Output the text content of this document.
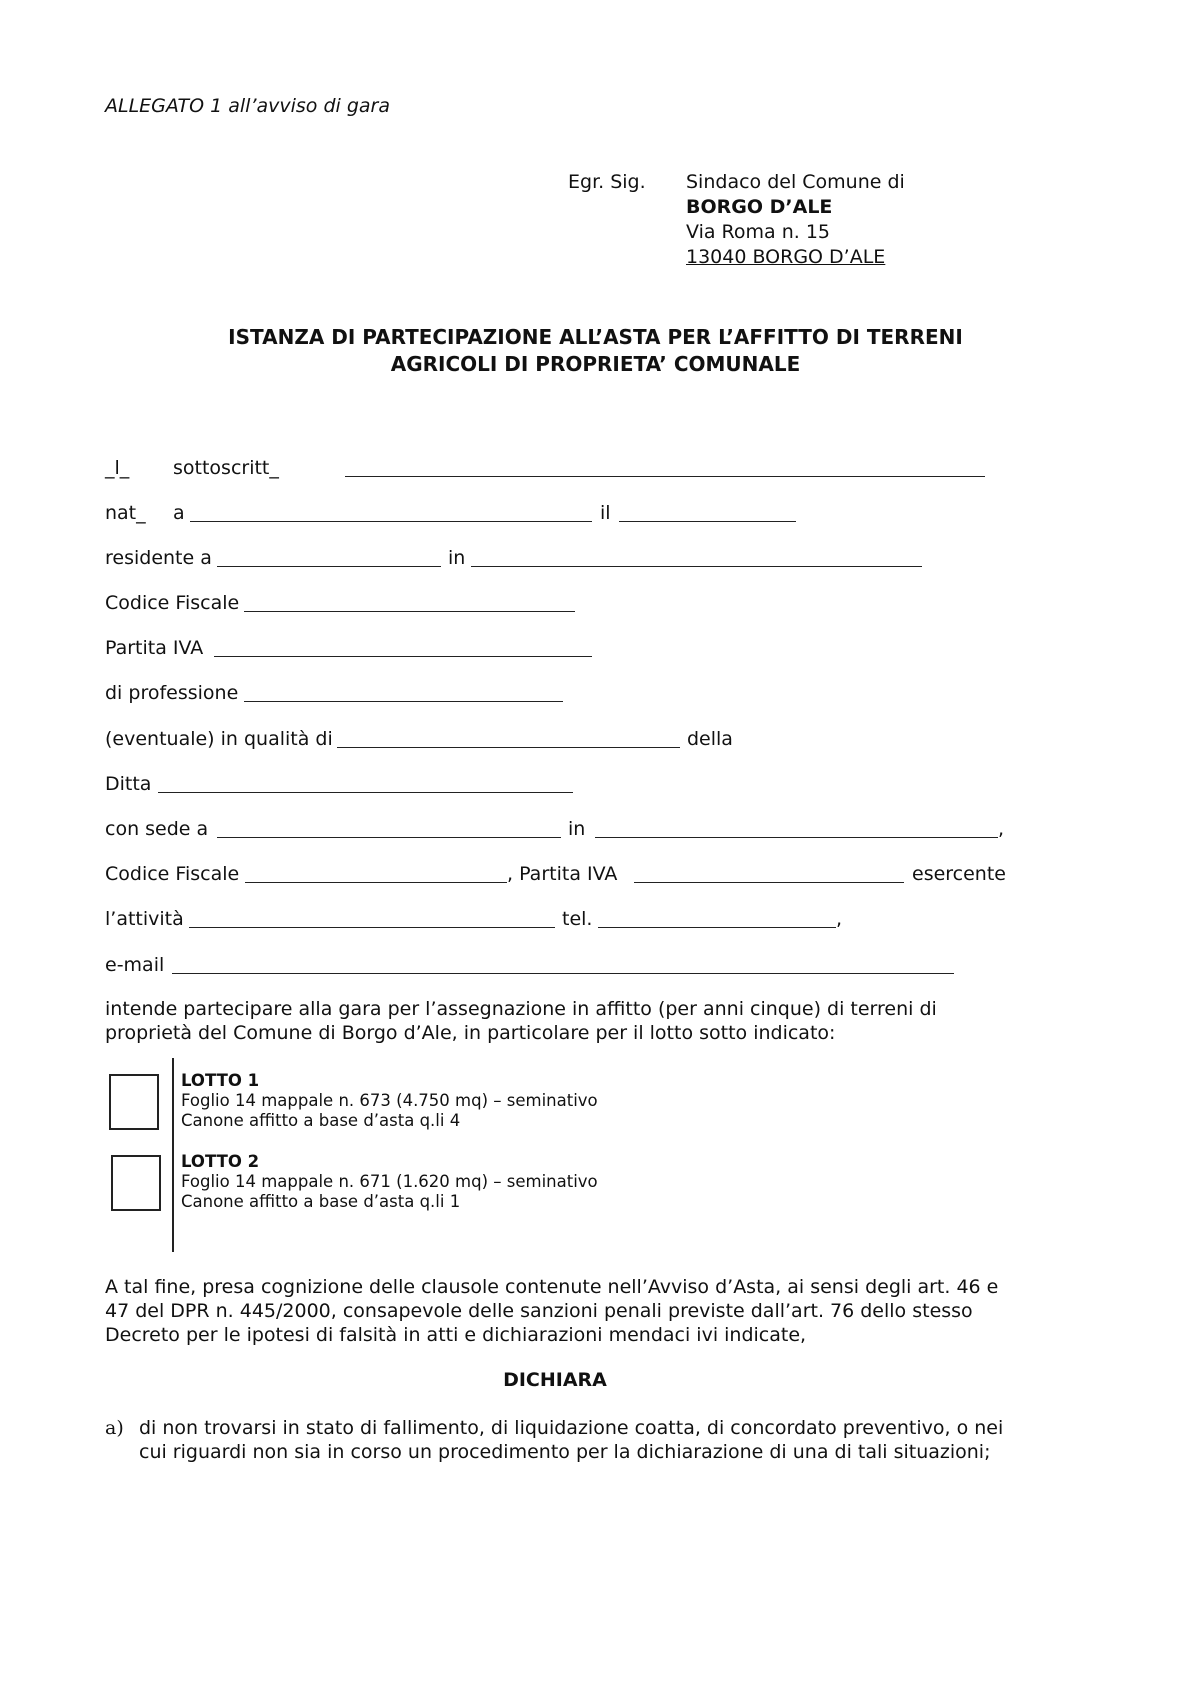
ALLEGATO 1 all’avviso di gara
Egr. Sig. Sindaco del Comune di
BORGO D’ALE
Via Roma n. 15
13040 BORGO D’ALE
ISTANZA DI PARTECIPAZIONE ALL’ASTA PER L’AFFITTO DI TERRENI
AGRICOLI DI PROPRIETA’ COMUNALE
_l_ sottoscritt_
nat_ a	il
residente a	in
Codice Fiscale
Partita IVA
di professione
(eventuale) in qualità di	della
Ditta
con sede a	in	,
Codice Fiscale	, Partita IVA	esercente
l’attività	tel.	,
e-mail
intende partecipare alla gara per l’assegnazione in affitto (per anni cinque) di terreni di proprietà del Comune di Borgo d’Ale, in particolare per il lotto sotto indicato:
LOTTO 1
Foglio 14 mappale n. 673 (4.750 mq) – seminativo
Canone affitto a base d’asta q.li 4
LOTTO 2
Foglio 14 mappale n. 671 (1.620 mq) – seminativo
Canone affitto a base d’asta q.li 1
A tal fine, presa cognizione delle clausole contenute nell’Avviso d’Asta, ai sensi degli art. 46 e 47 del DPR n. 445/2000, consapevole delle sanzioni penali previste dall’art. 76 dello stesso Decreto per le ipotesi di falsità in atti e dichiarazioni mendaci ivi indicate,
DICHIARA
a) di non trovarsi in stato di fallimento, di liquidazione coatta, di concordato preventivo, o nei cui riguardi non sia in corso un procedimento per la dichiarazione di una di tali situazioni;
